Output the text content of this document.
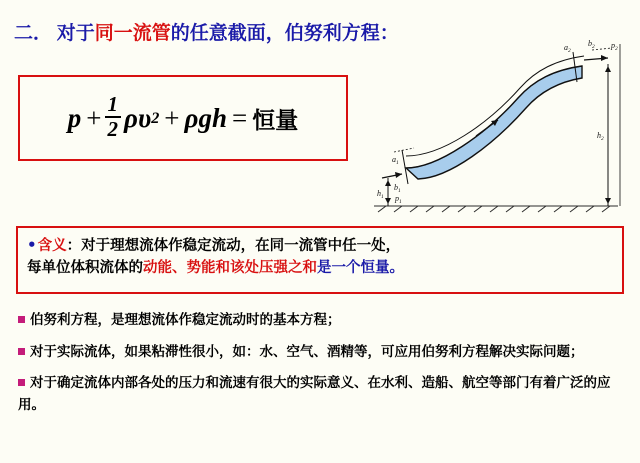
二． 对于同一流管的任意截面，伯努利方程：
$p + \frac{1}{2}$ ρ υ 2 + ρ g h = 恒量
$a_1$
$b_1$
$a_2$
$b_2$
$p_1$
$p_2$
$h_1$
$h_2$
•含义：对于理想流体作稳定流动，在同一流管中任一处，
每单位体积流体的动能、势能和该处压强之和是一个恒量。
伯努利方程，是理想流体作稳定流动时的基本方程；
对于实际流体，如果粘滞性很小，如：水、空气、酒精等，可应用伯努利方程解决实际问题；
对于确定流体内部各处的压力和流速有很大的实际意义、在水利、造船、航空等部门有着广泛的应用。
